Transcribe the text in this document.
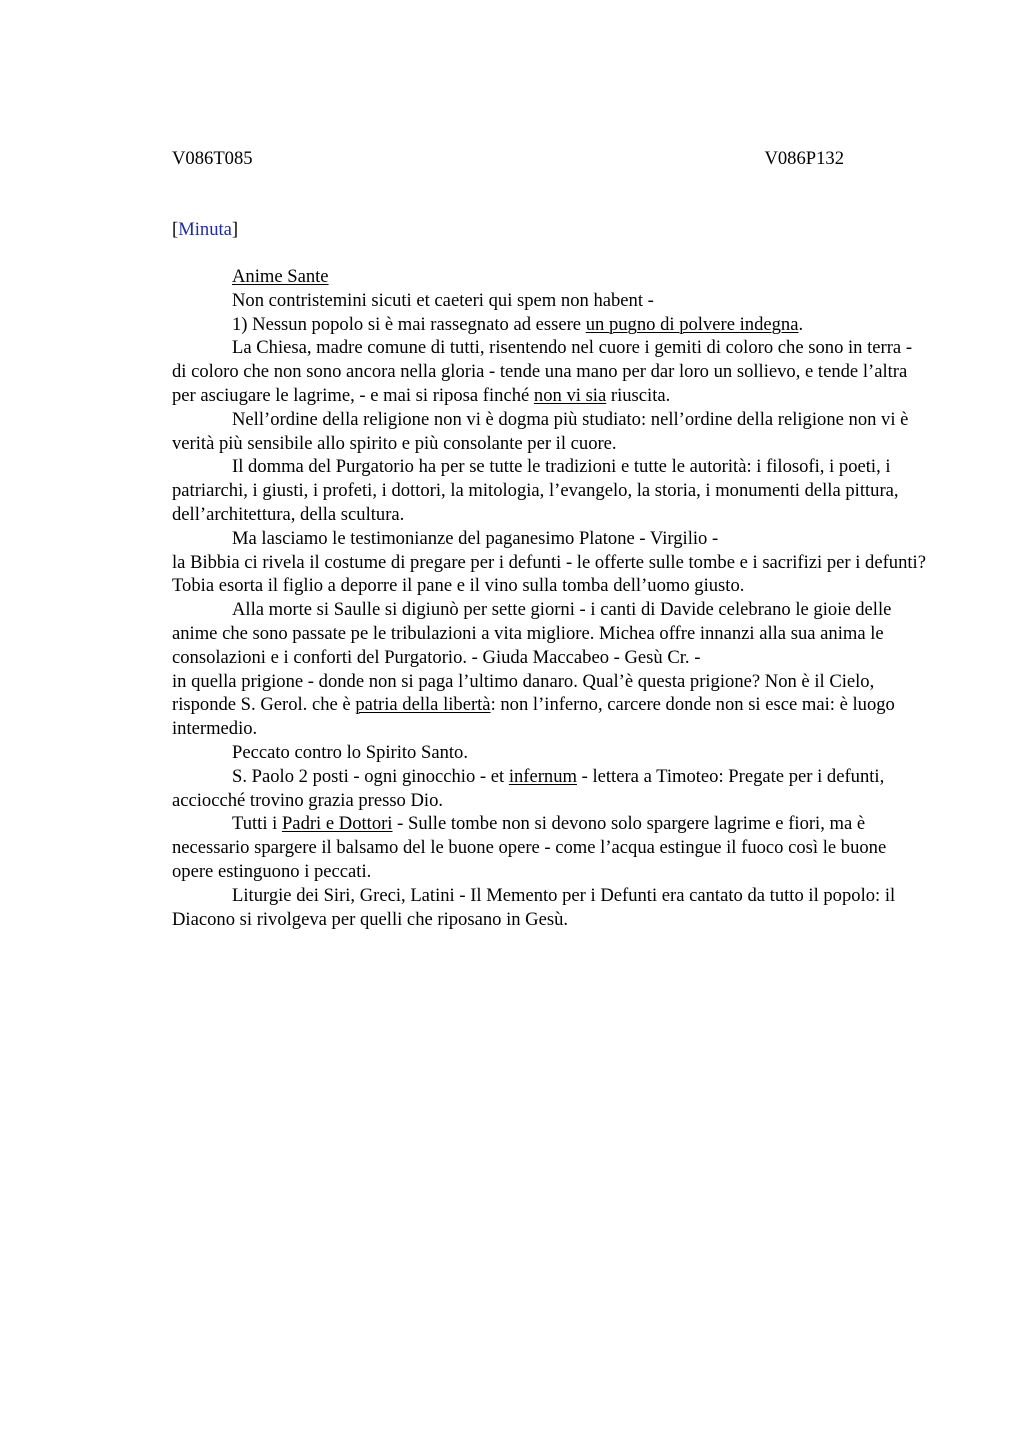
V086T085	V086P132
[Minuta]

Anime Sante

Non contristemini sicuti et caeteri qui spem non habent -

1) Nessun popolo si è mai rassegnato ad essere un pugno di polvere indegna.

La Chiesa, madre comune di tutti, risentendo nel cuore i gemiti di coloro che sono in terra - di coloro che non sono ancora nella gloria - tende una mano per dar loro un sollievo, e tende l’altra per asciugare le lagrime, - e mai si riposa finché non vi sia riuscita.

Nell’ordine della religione non vi è dogma più studiato: nell’ordine della religione non vi è verità più sensibile allo spirito e più consolante per il cuore.

Il domma del Purgatorio ha per se tutte le tradizioni e tutte le autorità: i filosofi, i poeti, i patriarchi, i giusti, i profeti, i dottori, la mitologia, l’evangelo, la storia, i monumenti della pittura, dell’architettura, della scultura.

Ma lasciamo le testimonianze del paganesimo Platone - Virgilio -

la Bibbia ci rivela il costume di pregare per i defunti - le offerte sulle tombe e i sacrifizi per i defunti? Tobia esorta il figlio a deporre il pane e il vino sulla tomba dell’uomo giusto.

Alla morte si Saulle si digiunò per sette giorni - i canti di Davide celebrano le gioie delle anime che sono passate pe le tribulazioni a vita migliore. Michea offre innanzi alla sua anima le consolazioni e i conforti del Purgatorio. - Giuda Maccabeo - Gesù Cr. -

in quella prigione - donde non si paga l’ultimo danaro. Qual’è questa prigione? Non è il Cielo, risponde S. Gerol. che è patria della libertà: non l’inferno, carcere donde non si esce mai: è luogo intermedio.

Peccato contro lo Spirito Santo.

S. Paolo 2 posti - ogni ginocchio - et infernum - lettera a Timoteo: Pregate per i defunti, acciocché trovino grazia presso Dio.

Tutti i Padri e Dottori - Sulle tombe non si devono solo spargere lagrime e fiori, ma è necessario spargere il balsamo del le buone opere - come l’acqua estingue il fuoco così le buone opere estinguono i peccati.

Liturgie dei Siri, Greci, Latini - Il Memento per i Defunti era cantato da tutto il popolo: il Diacono si rivolgeva per quelli che riposano in Gesù.
